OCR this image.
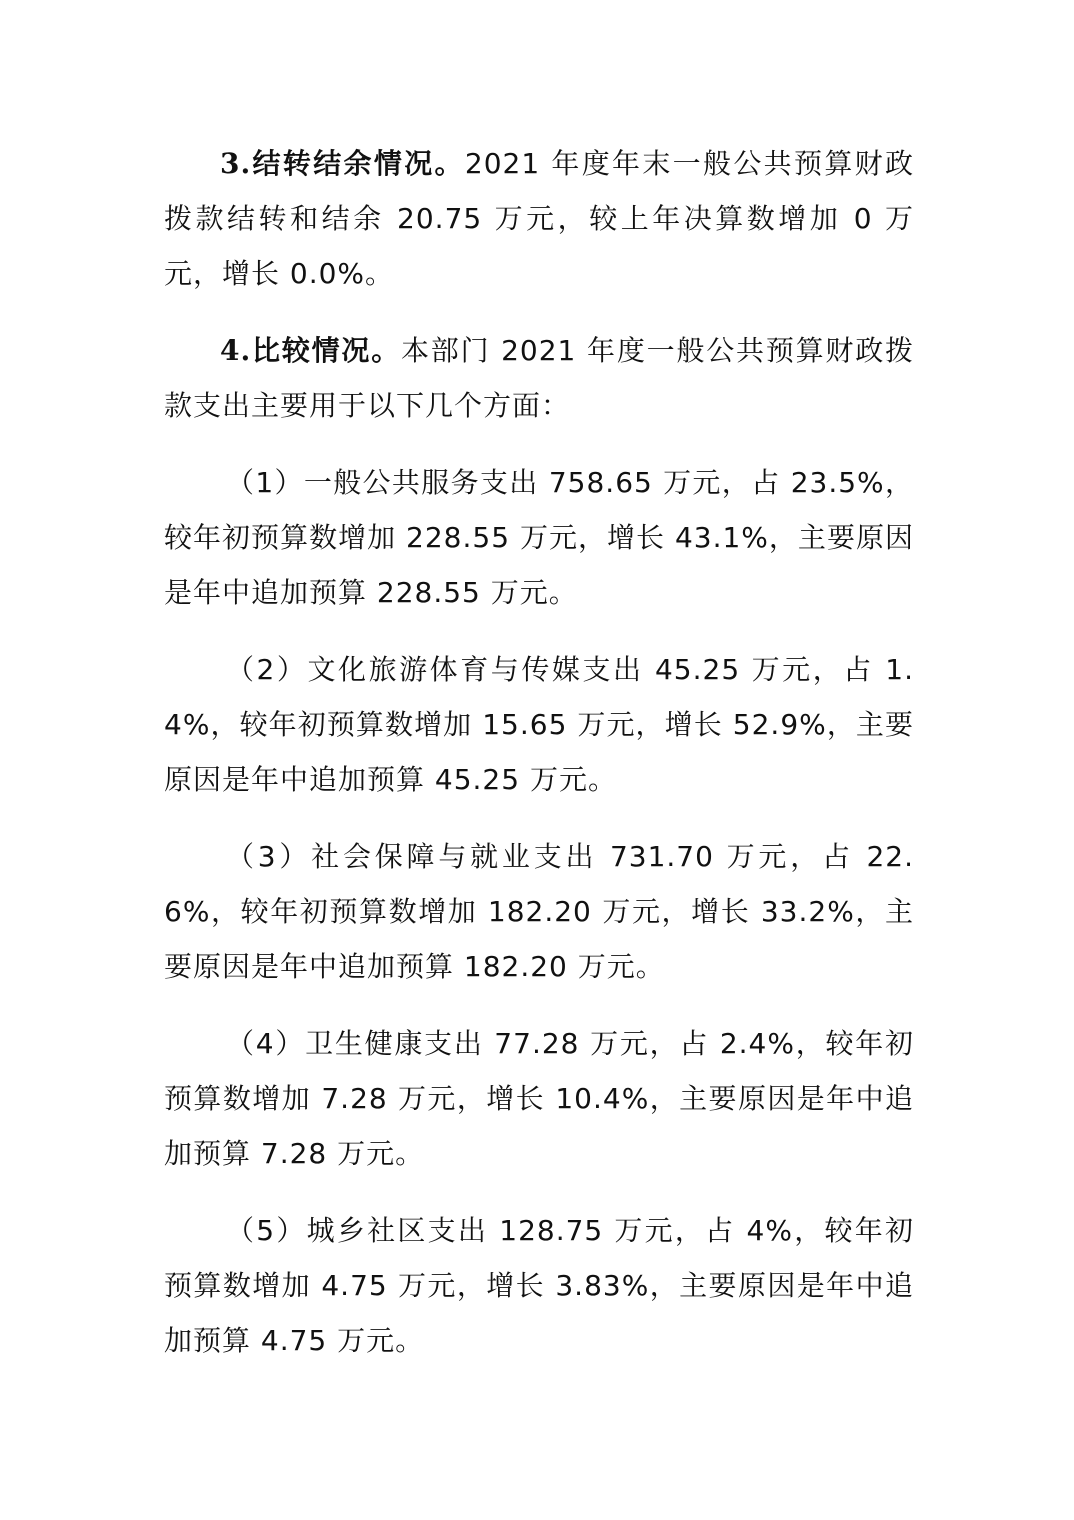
3.结转结余情况。2021 年度年末一般公共预算财政拨款结转和结余 20.75 万元，较上年决算数增加 0 万元，增长 0.0%。

4.比较情况。本部门 2021 年度一般公共预算财政拨款支出主要用于以下几个方面：

（1）一般公共服务支出 758.65 万元，占 23.5%，较年初预算数增加 228.55 万元，增长 43.1%，主要原因是年中追加预算 228.55 万元。

（2）文化旅游体育与传媒支出 45.25 万元，占 1.4%，较年初预算数增加 15.65 万元，增长 52.9%，主要原因是年中追加预算 45.25 万元。

（3）社会保障与就业支出 731.70 万元，占 22.6%，较年初预算数增加 182.20 万元，增长 33.2%，主要原因是年中追加预算 182.20 万元。

（4）卫生健康支出 77.28 万元，占 2.4%，较年初预算数增加 7.28 万元，增长 10.4%，主要原因是年中追加预算 7.28 万元。

（5）城乡社区支出 128.75 万元，占 4%，较年初预算数增加 4.75 万元，增长 3.83%，主要原因是年中追加预算 4.75 万元。
